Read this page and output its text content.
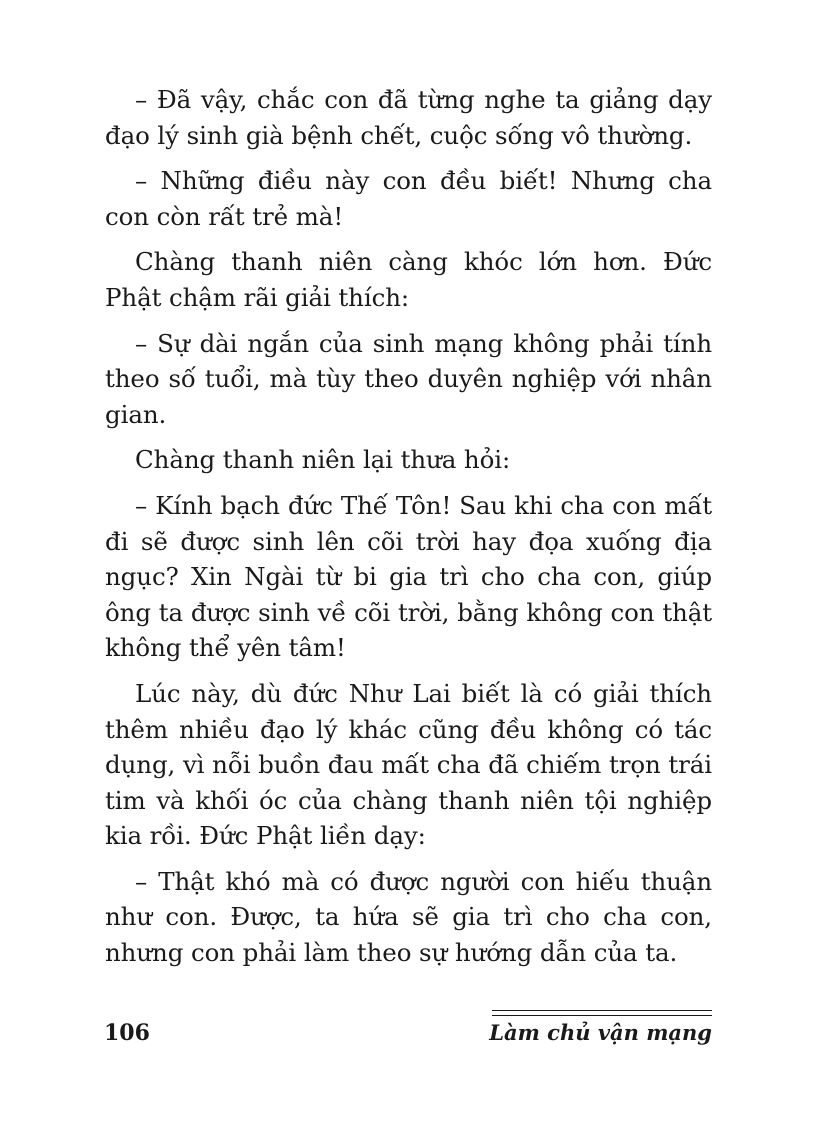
– Đã vậy, chắc con đã từng nghe ta giảng dạy đạo lý sinh già bệnh chết, cuộc sống vô thường.

– Những điều này con đều biết! Nhưng cha con còn rất trẻ mà!

Chàng thanh niên càng khóc lớn hơn. Đức Phật chậm rãi giải thích:

– Sự dài ngắn của sinh mạng không phải tính theo số tuổi, mà tùy theo duyên nghiệp với nhân gian.

Chàng thanh niên lại thưa hỏi:

– Kính bạch đức Thế Tôn! Sau khi cha con mất đi sẽ được sinh lên cõi trời hay đọa xuống địa ngục? Xin Ngài từ bi gia trì cho cha con, giúp ông ta được sinh về cõi trời, bằng không con thật không thể yên tâm!

Lúc này, dù đức Như Lai biết là có giải thích thêm nhiều đạo lý khác cũng đều không có tác dụng, vì nỗi buồn đau mất cha đã chiếm trọn trái tim và khối óc của chàng thanh niên tội nghiệp kia rồi. Đức Phật liền dạy:

– Thật khó mà có được người con hiếu thuận như con. Được, ta hứa sẽ gia trì cho cha con, nhưng con phải làm theo sự hướng dẫn của ta.

106	Làm chủ vận mạng
